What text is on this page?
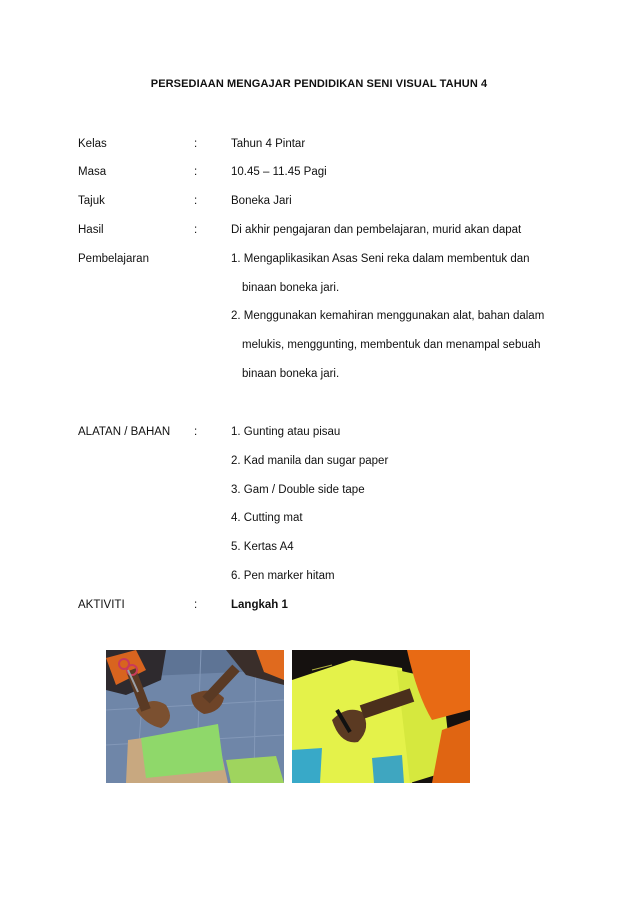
PERSEDIAAN MENGAJAR PENDIDIKAN SENI VISUAL TAHUN 4
Kelas	:	Tahun 4 Pintar
Masa	:	10.45 – 11.45 Pagi
Tajuk	:	Boneka Jari
Hasil	:	Di akhir pengajaran dan pembelajaran, murid akan dapat
Pembelajaran	1. Mengaplikasikan Asas Seni reka dalam membentuk dan
binaan boneka jari.
2. Menggunakan kemahiran menggunakan alat, bahan dalam
melukis, menggunting, membentuk dan menampal sebuah
binaan boneka jari.
ALATAN / BAHAN :	1. Gunting atau pisau
2. Kad manila dan sugar paper
3. Gam / Double side tape
4. Cutting mat
5. Kertas A4
6. Pen marker hitam
AKTIVITI	:	Langkah 1
